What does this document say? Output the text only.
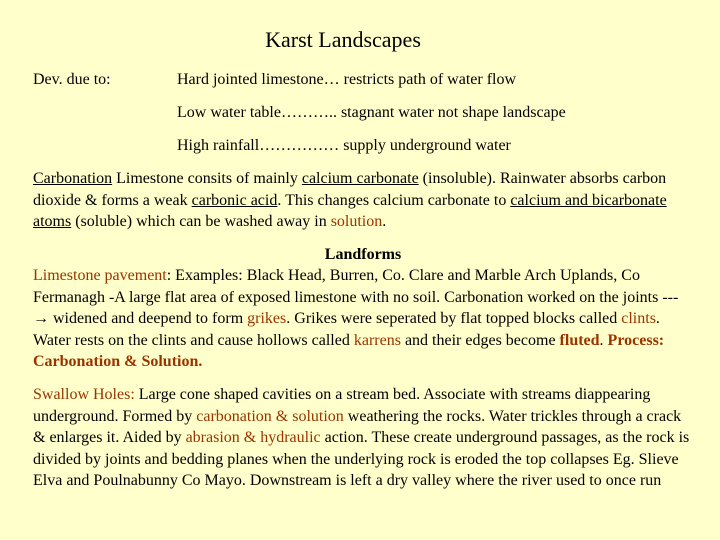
Karst Landscapes
Dev. due to:	Hard jointed limestone… restricts path of water flow
Low water table……….. stagnant water not shape landscape
High rainfall…………… supply underground water
Carbonation Limestone consits of mainly calcium carbonate (insoluble). Rainwater absorbs carbon dioxide & forms a weak carbonic acid. This changes calcium carbonate to calcium and bicarbonate atoms (soluble) which can be washed away in solution.
Landforms
Limestone pavement: Examples: Black Head, Burren, Co. Clare and Marble Arch Uplands, Co Fermanagh -A large flat area of exposed limestone with no soil. Carbonation worked on the joints ---→ widened and deepend to form grikes. Grikes were seperated by flat topped blocks called clints. Water rests on the clints and cause hollows called karrens and their edges become fluted. Process: Carbonation & Solution.
Swallow Holes: Large cone shaped cavities on a stream bed. Associate with streams diappearing underground. Formed by carbonation & solution weathering the rocks. Water trickles through a crack & enlarges it. Aided by abrasion & hydraulic action. These create underground passages, as the rock is divided by joints and bedding planes when the underlying rock is eroded the top collapses Eg. Slieve Elva and Poulnabunny Co Mayo. Downstream is left a dry valley where the river used to once run
